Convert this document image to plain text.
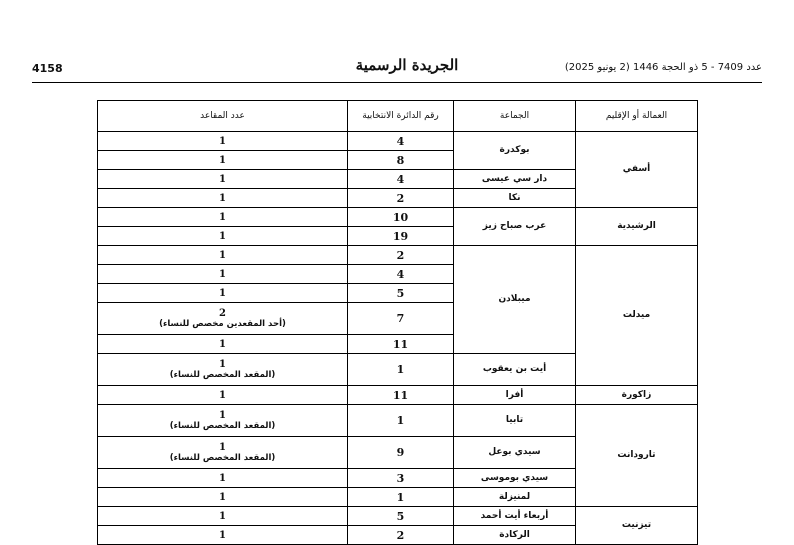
4158	الجريدة الرسمية	عدد 7409 - 5 ذو الحجة 1446 (2 يونيو 2025)
العمالة أو الإقليم	الجماعة	رقم الدائرة الانتخابية	عدد المقاعد
أسفي	بوكدرة	4	1

		8	1

	دار سي عيسى	4	1

	نكا	2	1

الرشيدية	عرب صباح زيز	10	1

		19	1

ميدلت	ميبلادن	2	1

		4	1

		5	1

		7	2
(أحد المقعدين مخصص للنساء)

		11	1

	أيت بن يعقوب	1	1
(المقعد المخصص للنساء)

زاكورة	أفرا	11	1

تارودانت	تابيا	1	1
(المقعد المخصص للنساء)

	سيدي بوعل	9	1
(المقعد المخصص للنساء)

	سيدي بوموسى	3	1

	لمنيزلة	1	1

تيزنيت	أربعاء أيت أحمد	5	1

	الركادة	2	1
